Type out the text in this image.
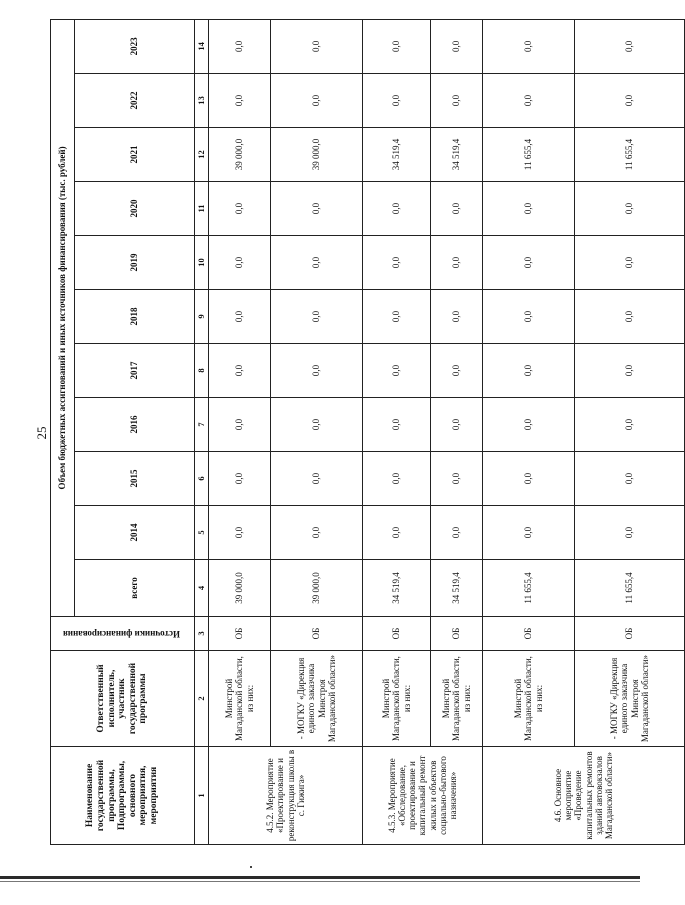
25
Наименование государственной программы, Подпрограммы, основного мероприятия, мероприятия	Ответственный исполнитель, участник государственной программы	Источники финансирования	Объем бюджетных ассигнований и иных источников финансирования (тыс. рублей)										
			всего	2014	2015	2016	2017	2018	2019	2020	2021	2022	2023
1	2	3	4	5	6	7	8	9	10	11	12	13	14
4.5.2. Мероприятие «Проектирование и реконструкция школы в с. Гижига»	Минстрой Магаданской области, из них:	ОБ	39 000,0	0,0	0,0	0,0	0,0	0,0	0,0	0,0	39 000,0	0,0	0,0
	- МОГКУ «Дирекция единого заказчика Минстроя Магаданской области»	ОБ	39 000,0	0,0	0,0	0,0	0,0	0,0	0,0	0,0	39 000,0	0,0	0,0
4.5.3. Мероприятие «Обследование, проектирование и капитальный ремонт жилых и объектов социально-бытового назначения»	Минстрой Магаданской области, из них:	ОБ	34 519,4	0,0	0,0	0,0	0,0	0,0	0,0	0,0	34 519,4	0,0	0,0
	Минстрой Магаданской области, из них:	ОБ	34 519,4	0,0	0,0	0,0	0,0	0,0	0,0	0,0	34 519,4	0,0	0,0
4.6. Основное мероприятие «Проведение капитальных ремонтов зданий автовокзалов Магаданской области»	Минстрой Магаданской области, из них:	ОБ	11 655,4	0,0	0,0	0,0	0,0	0,0	0,0	0,0	11 655,4	0,0	0,0
	- МОГКУ «Дирекция единого заказчика Минстроя Магаданской области»	ОБ	11 655,4	0,0	0,0	0,0	0,0	0,0	0,0	0,0	11 655,4	0,0	0,0
